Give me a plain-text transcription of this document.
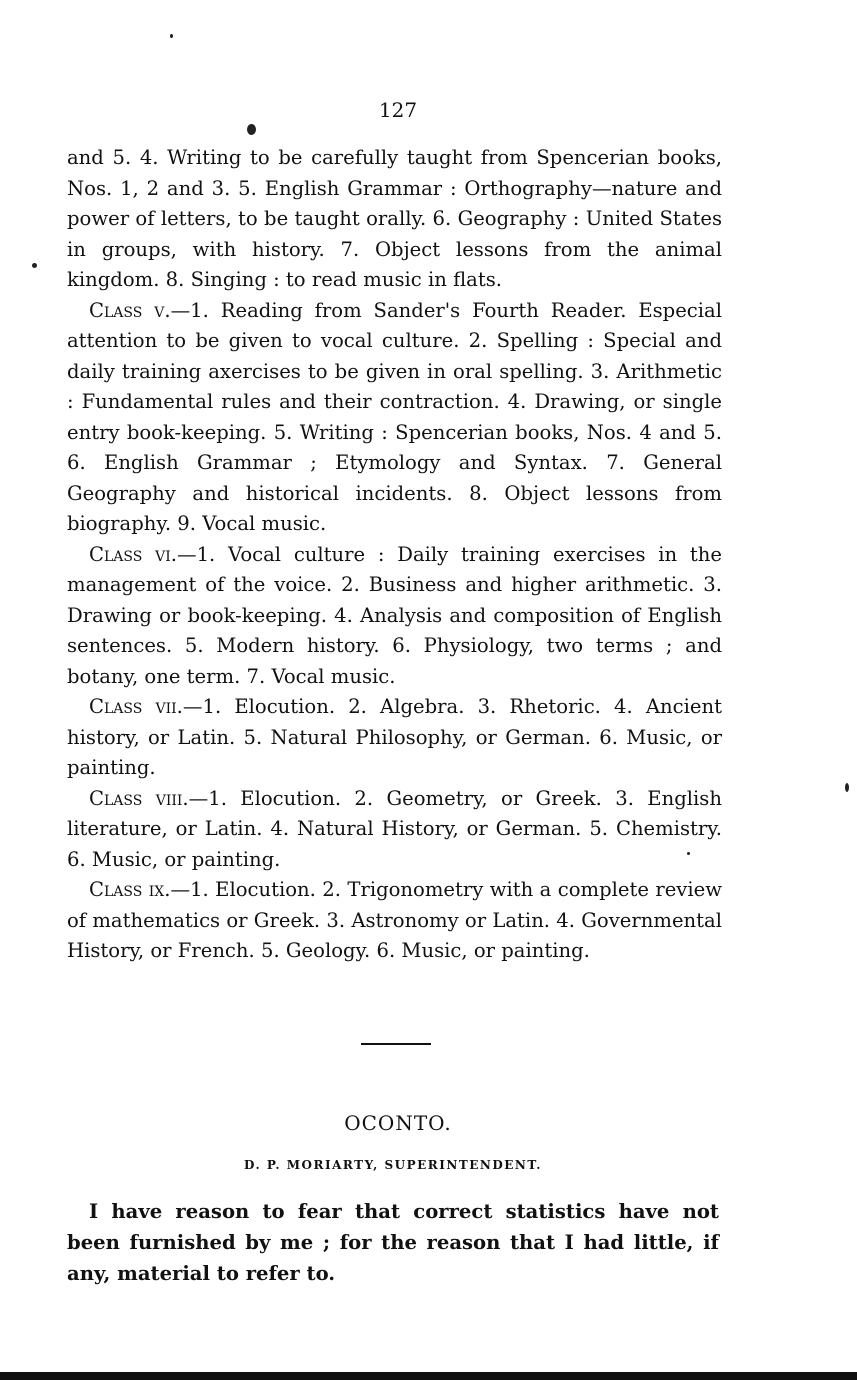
127

and 5. 4. Writing to be carefully taught from Spencerian books, Nos. 1, 2 and 3. 5. English Grammar : Orthography—nature and power of letters, to be taught orally. 6. Geography : United States in groups, with history. 7. Object lessons from the animal kingdom. 8. Singing : to read music in flats.

Class v.—1. Reading from Sander's Fourth Reader. Especial attention to be given to vocal culture. 2. Spelling : Special and daily training axercises to be given in oral spelling. 3. Arithmetic : Fundamental rules and their contraction. 4. Drawing, or single entry book-keeping. 5. Writing : Spencerian books, Nos. 4 and 5. 6. English Grammar ; Etymology and Syntax. 7. General Geography and historical incidents. 8. Object lessons from biography. 9. Vocal music.

Class vi.—1. Vocal culture : Daily training exercises in the management of the voice. 2. Business and higher arithmetic. 3. Drawing or book-keeping. 4. Analysis and composition of English sentences. 5. Modern history. 6. Physiology, two terms ; and botany, one term. 7. Vocal music.

Class vii.—1. Elocution. 2. Algebra. 3. Rhetoric. 4. Ancient history, or Latin. 5. Natural Philosophy, or German. 6. Music, or painting.

Class viii.—1. Elocution. 2. Geometry, or Greek. 3. English literature, or Latin. 4. Natural History, or German. 5. Chemistry. 6. Music, or painting.

Class ix.—1. Elocution. 2. Trigonometry with a complete review of mathematics or Greek. 3. Astronomy or Latin. 4. Governmental History, or French. 5. Geology. 6. Music, or painting.

OCONTO.
D. P. MORIARTY, SUPERINTENDENT.

I have reason to fear that correct statistics have not been furnished by me ; for the reason that I had little, if any, material to refer to.
